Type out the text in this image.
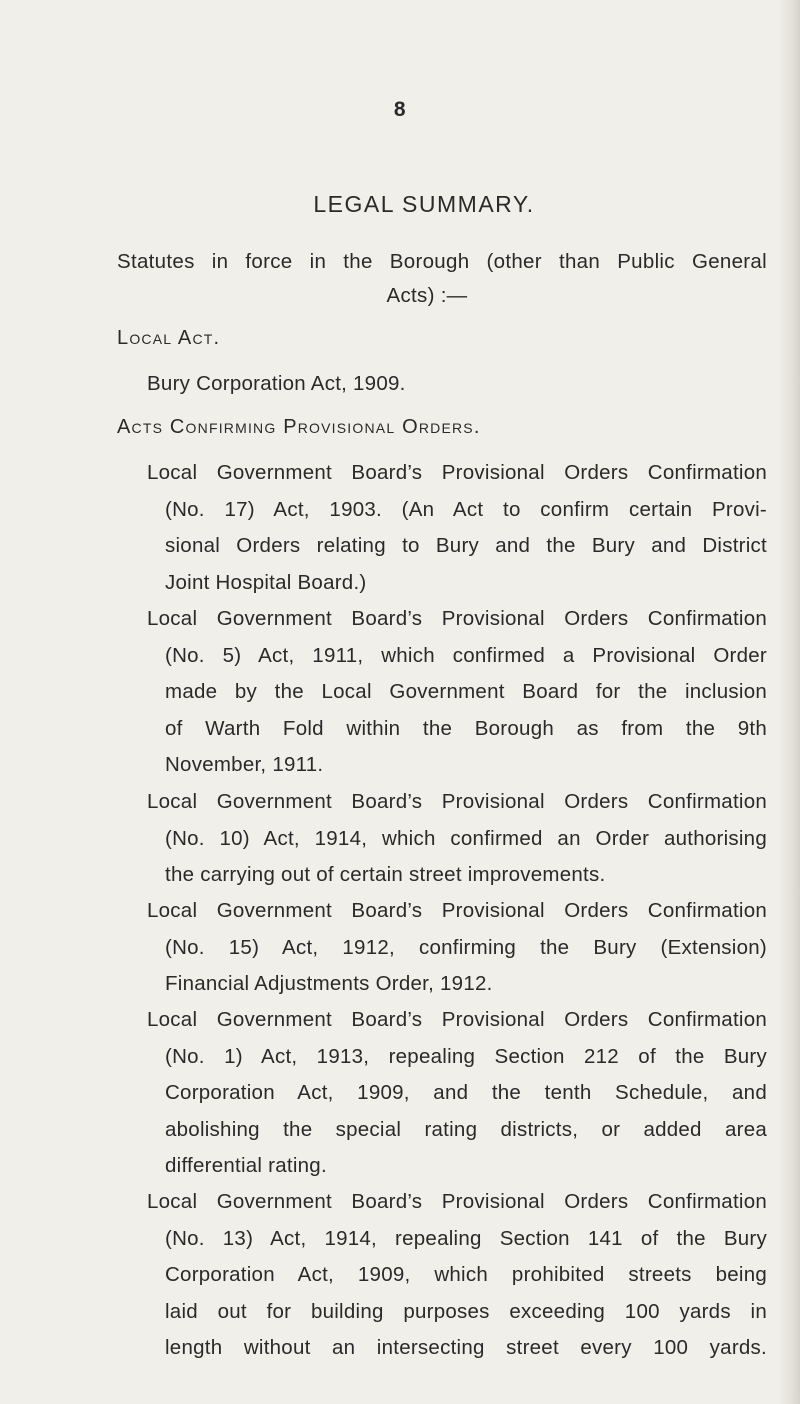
8
LEGAL SUMMARY.
Statutes in force in the Borough (other than Public General
Acts) :—
Local Act.
Bury Corporation Act, 1909.
Acts Confirming Provisional Orders.
Local Government Board’s Provisional Orders Confirmation
(No. 17) Act, 1903. (An Act to confirm certain Provi-
sional Orders relating to Bury and the Bury and District
Joint Hospital Board.)
Local Government Board’s Provisional Orders Confirmation
(No. 5) Act, 1911, which confirmed a Provisional Order
made by the Local Government Board for the inclusion
of Warth Fold within the Borough as from the 9th
November, 1911.
Local Government Board’s Provisional Orders Confirmation
(No. 10) Act, 1914, which confirmed an Order authorising
the carrying out of certain street improvements.
Local Government Board’s Provisional Orders Confirmation
(No. 15) Act, 1912, confirming the Bury (Extension)
Financial Adjustments Order, 1912.
Local Government Board’s Provisional Orders Confirmation
(No. 1) Act, 1913, repealing Section 212 of the Bury
Corporation Act, 1909, and the tenth Schedule, and
abolishing the special rating districts, or added area
differential rating.
Local Government Board’s Provisional Orders Confirmation
(No. 13) Act, 1914, repealing Section 141 of the Bury
Corporation Act, 1909, which prohibited streets being
laid out for building purposes exceeding 100 yards in
length without an intersecting street every 100 yards.
